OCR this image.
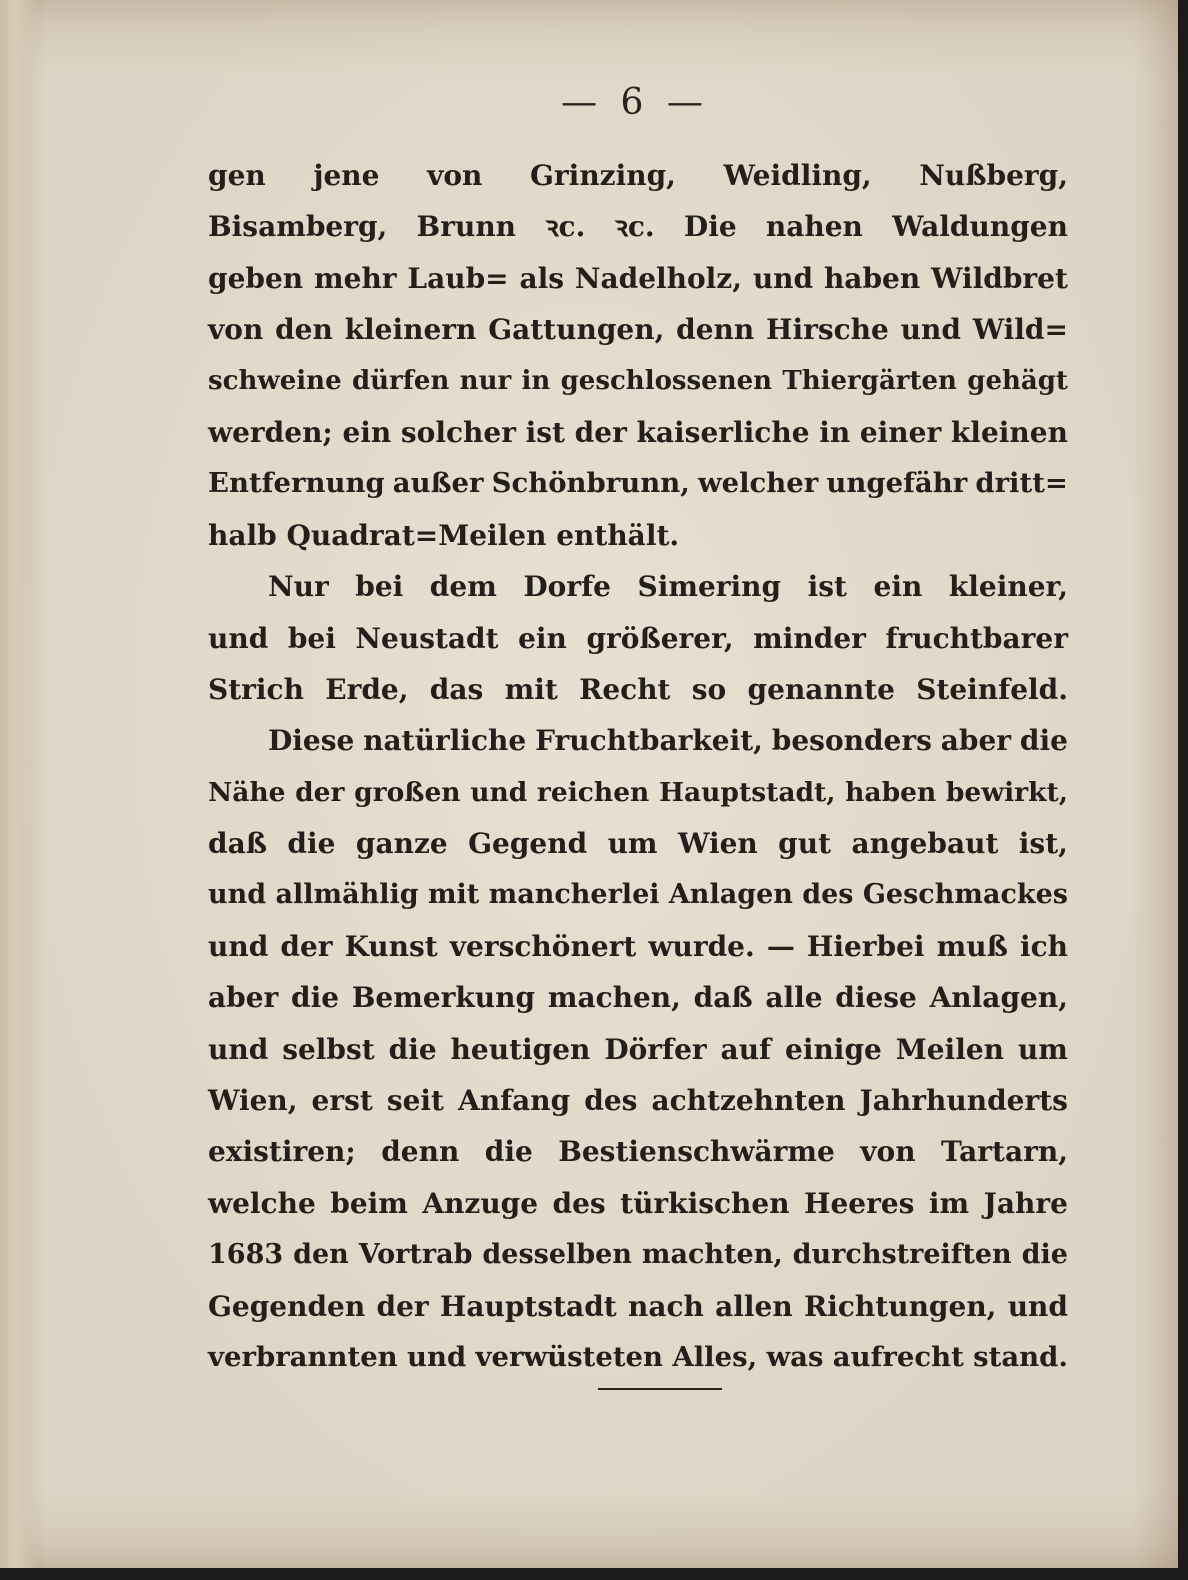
— 6 —
gen jene von Grinzing, Weidling, Nußberg,
Bisamberg, Brunn ꝛc. ꝛc. Die nahen Waldungen
geben mehr Laub= als Nadelholz, und haben Wildbret
von den kleinern Gattungen, denn Hirsche und Wild=
schweine dürfen nur in geschlossenen Thiergärten gehägt
werden; ein solcher ist der kaiserliche in einer kleinen
Entfernung außer Schönbrunn, welcher ungefähr dritt=
halb Quadrat=Meilen enthält.
Nur bei dem Dorfe Simering ist ein kleiner,
und bei Neustadt ein größerer, minder fruchtbarer
Strich Erde, das mit Recht so genannte Steinfeld.
Diese natürliche Fruchtbarkeit, besonders aber die
Nähe der großen und reichen Hauptstadt, haben bewirkt,
daß die ganze Gegend um Wien gut angebaut ist,
und allmählig mit mancherlei Anlagen des Geschmackes
und der Kunst verschönert wurde. — Hierbei muß ich
aber die Bemerkung machen, daß alle diese Anlagen,
und selbst die heutigen Dörfer auf einige Meilen um
Wien, erst seit Anfang des achtzehnten Jahrhunderts
existiren; denn die Bestienschwärme von Tartarn,
welche beim Anzuge des türkischen Heeres im Jahre
1683 den Vortrab desselben machten, durchstreiften die
Gegenden der Hauptstadt nach allen Richtungen, und
verbrannten und verwüsteten Alles, was aufrecht stand.
